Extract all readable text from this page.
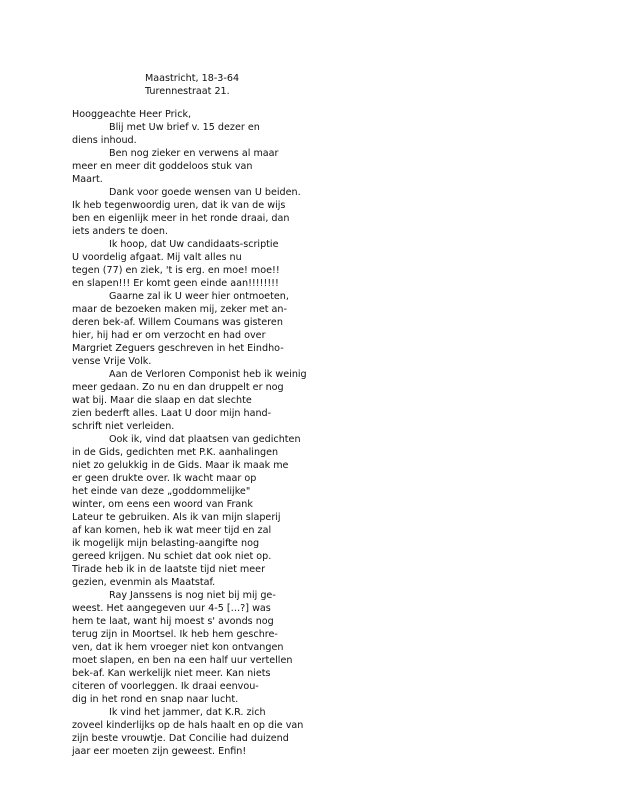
Maastricht, 18-3-64
Turennestraat 21.
Hooggeachte Heer Prick,
Blij met Uw brief v. 15 dezer en
diens inhoud.
Ben nog zieker en verwens al maar
meer en meer dit goddeloos stuk van
Maart.
Dank voor goede wensen van U beiden.
Ik heb tegenwoordig uren, dat ik van de wijs
ben en eigenlijk meer in het ronde draai, dan
iets anders te doen.
Ik hoop, dat Uw candidaats-scriptie
U voordelig afgaat. Mij valt alles nu
tegen (77) en ziek, 't is erg. en moe! moe!!
en slapen!!! Er komt geen einde aan!!!!!!!!
Gaarne zal ik U weer hier ontmoeten,
maar de bezoeken maken mij, zeker met an-
deren bek-af. Willem Coumans was gisteren
hier, hij had er om verzocht en had over
Margriet Zeguers geschreven in het Eindho-
vense Vrije Volk.
Aan de Verloren Componist heb ik weinig
meer gedaan. Zo nu en dan druppelt er nog
wat bij. Maar die slaap en dat slechte
zien bederft alles. Laat U door mijn hand-
schrift niet verleiden.
Ook ik, vind dat plaatsen van gedichten
in de Gids, gedichten met P.K. aanhalingen
niet zo gelukkig in de Gids. Maar ik maak me
er geen drukte over. Ik wacht maar op
het einde van deze „goddommelijke"
winter, om eens een woord van Frank
Lateur te gebruiken. Als ik van mijn slaperij
af kan komen, heb ik wat meer tijd en zal
ik mogelijk mijn belasting-aangifte nog
gereed krijgen. Nu schiet dat ook niet op.
Tirade heb ik in de laatste tijd niet meer
gezien, evenmin als Maatstaf.
Ray Janssens is nog niet bij mij ge-
weest. Het aangegeven uur 4-5 […?] was
hem te laat, want hij moest s' avonds nog
terug zijn in Moortsel. Ik heb hem geschre-
ven, dat ik hem vroeger niet kon ontvangen
moet slapen, en ben na een half uur vertellen
bek-af. Kan werkelijk niet meer. Kan niets
citeren of voorleggen. Ik draai eenvou-
dig in het rond en snap naar lucht.
Ik vind het jammer, dat K.R. zich
zoveel kinderlijks op de hals haalt en op die van
zijn beste vrouwtje. Dat Concilie had duizend
jaar eer moeten zijn geweest. Enfin!
